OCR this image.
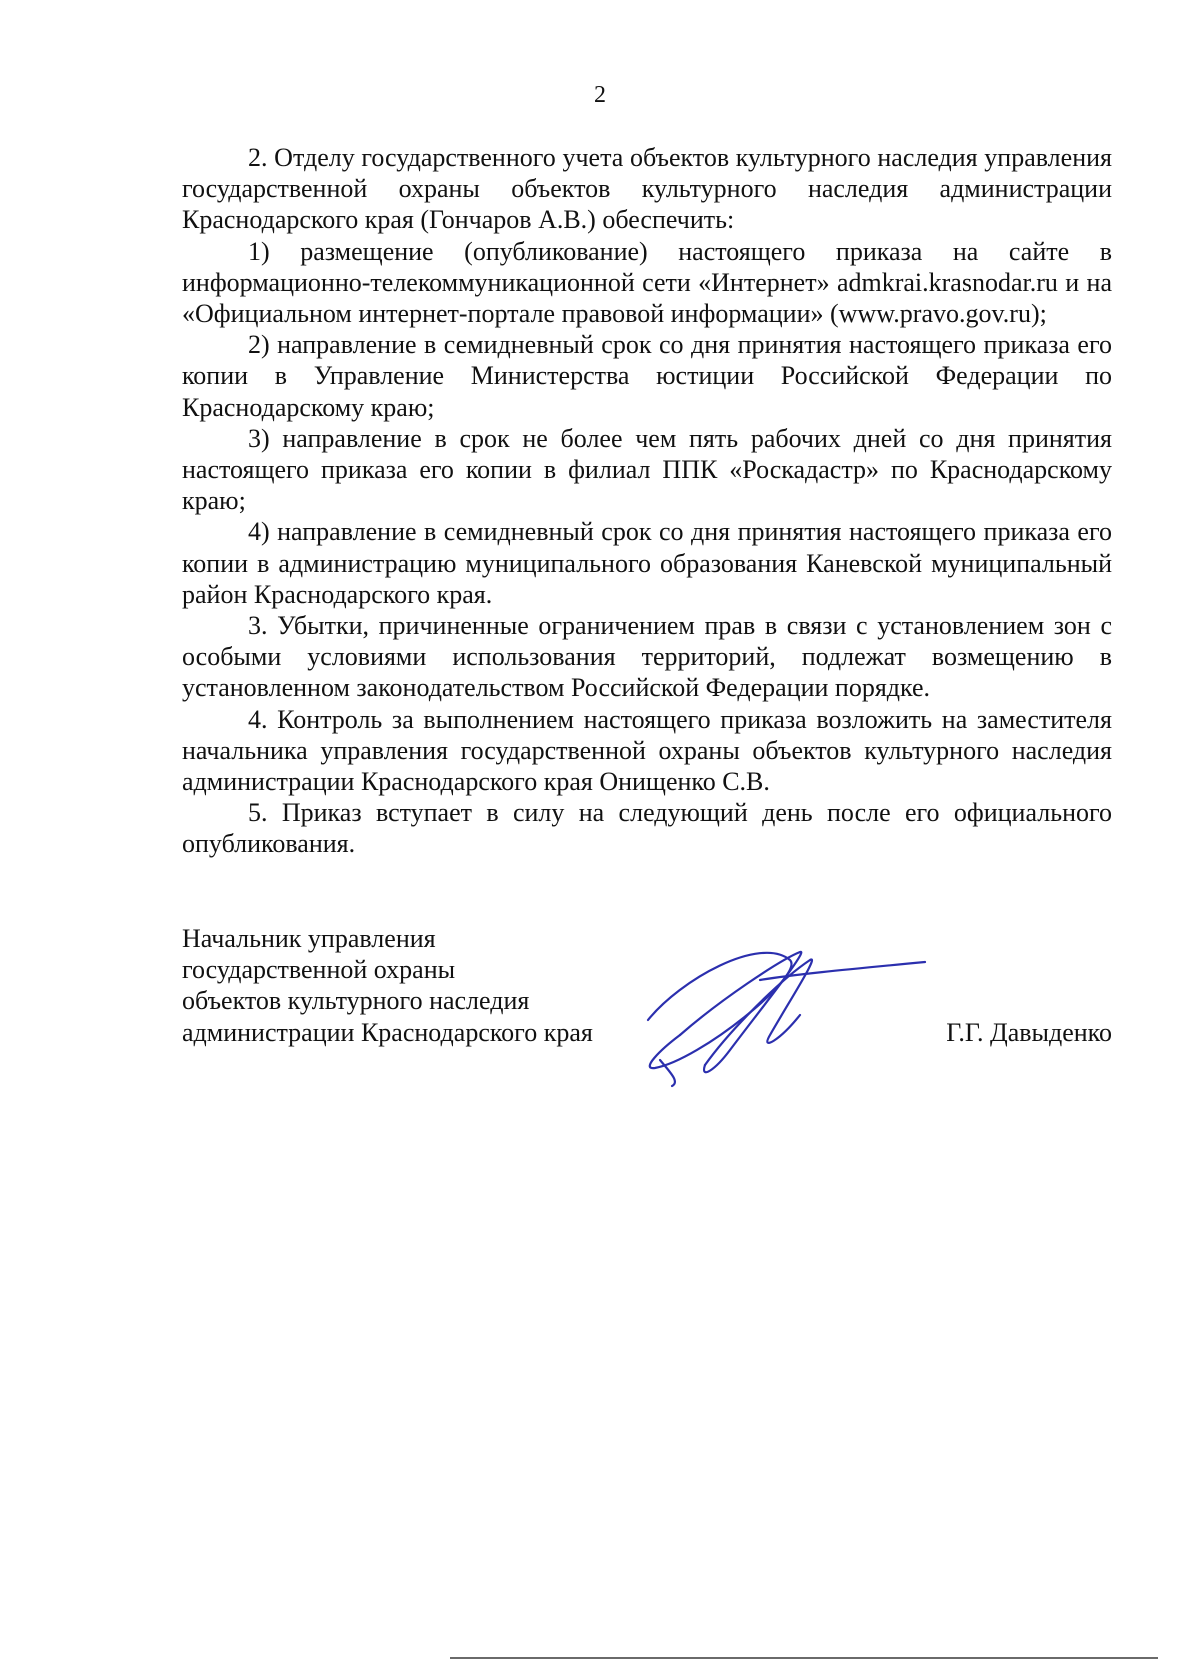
2

2. Отделу государственного учета объектов культурного наследия управления государственной охраны объектов культурного наследия администрации Краснодарского края (Гончаров А.В.) обеспечить:

1) размещение (опубликование) настоящего приказа на сайте в информационно-телекоммуникационной сети «Интернет» admkrai.krasnodar.ru и на «Официальном интернет-портале правовой информации» (www.pravo.gov.ru);

2) направление в семидневный срок со дня принятия настоящего приказа его копии в Управление Министерства юстиции Российской Федерации по Краснодарскому краю;

3) направление в срок не более чем пять рабочих дней со дня принятия настоящего приказа его копии в филиал ППК «Роскадастр» по Краснодарскому краю;

4) направление в семидневный срок со дня принятия настоящего приказа его копии в администрацию муниципального образования Каневской муниципальный район Краснодарского края.

3. Убытки, причиненные ограничением прав в связи с установлением зон с особыми условиями использования территорий, подлежат возмещению в установленном законодательством Российской Федерации порядке.

4. Контроль за выполнением настоящего приказа возложить на заместителя начальника управления государственной охраны объектов культурного наследия администрации Краснодарского края Онищенко С.В.

5. Приказ вступает в силу на следующий день после его официального опубликования.

Начальник управления
государственной охраны
объектов культурного наследия
администрации Краснодарского края	Г.Г. Давыденко
